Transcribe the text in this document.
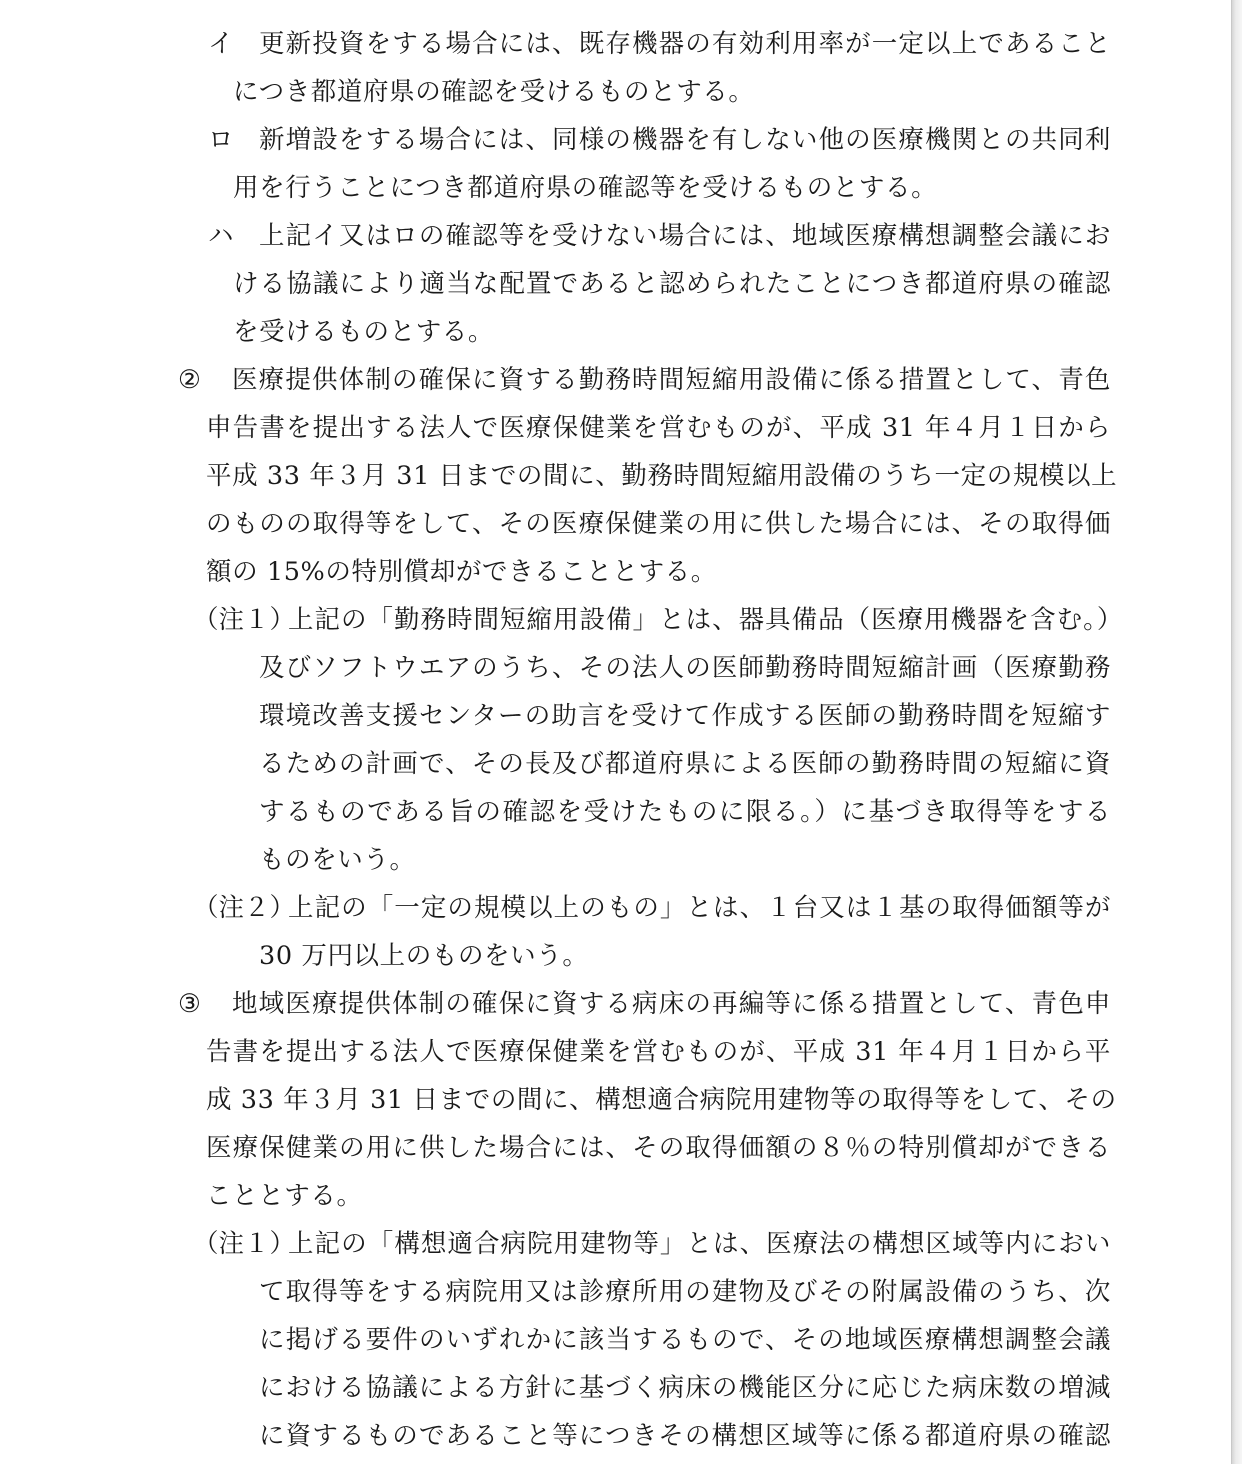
イ 更新投資をする場合には、既存機器の有効利用率が一定以上であること
につき都道府県の確認を受けるものとする。
ロ 新増設をする場合には、同様の機器を有しない他の医療機関との共同利
用を行うことにつき都道府県の確認等を受けるものとする。
ハ 上記イ又はロの確認等を受けない場合には、地域医療構想調整会議にお
ける協議により適当な配置であると認められたことにつき都道府県の確認
を受けるものとする。
② 医療提供体制の確保に資する勤務時間短縮用設備に係る措置として、青色
申告書を提出する法人で医療保健業を営むものが、平成 31 年４月１日から
平成 33 年３月 31 日までの間に、勤務時間短縮用設備のうち一定の規模以上
のものの取得等をして、その医療保健業の用に供した場合には、その取得価
額の 15%の特別償却ができることとする。
（注１）
上記の「勤務時間短縮用設備」とは、器具備品（医療用機器を含む。）
及びソフトウエアのうち、その法人の医師勤務時間短縮計画（医療勤務
環境改善支援センターの助言を受けて作成する医師の勤務時間を短縮す
るための計画で、その長及び都道府県による医師の勤務時間の短縮に資
するものである旨の確認を受けたものに限る。）に基づき取得等をする
ものをいう。
（注２）
上記の「一定の規模以上のもの」とは、１台又は１基の取得価額等が
30 万円以上のものをいう。
③ 地域医療提供体制の確保に資する病床の再編等に係る措置として、青色申
告書を提出する法人で医療保健業を営むものが、平成 31 年４月１日から平
成 33 年３月 31 日までの間に、構想適合病院用建物等の取得等をして、その
医療保健業の用に供した場合には、その取得価額の８％の特別償却ができる
こととする。
（注１）
上記の「構想適合病院用建物等」とは、医療法の構想区域等内におい
て取得等をする病院用又は診療所用の建物及びその附属設備のうち、次
に掲げる要件のいずれかに該当するもので、その地域医療構想調整会議
における協議による方針に基づく病床の機能区分に応じた病床数の増減
に資するものであること等につきその構想区域等に係る都道府県の確認
